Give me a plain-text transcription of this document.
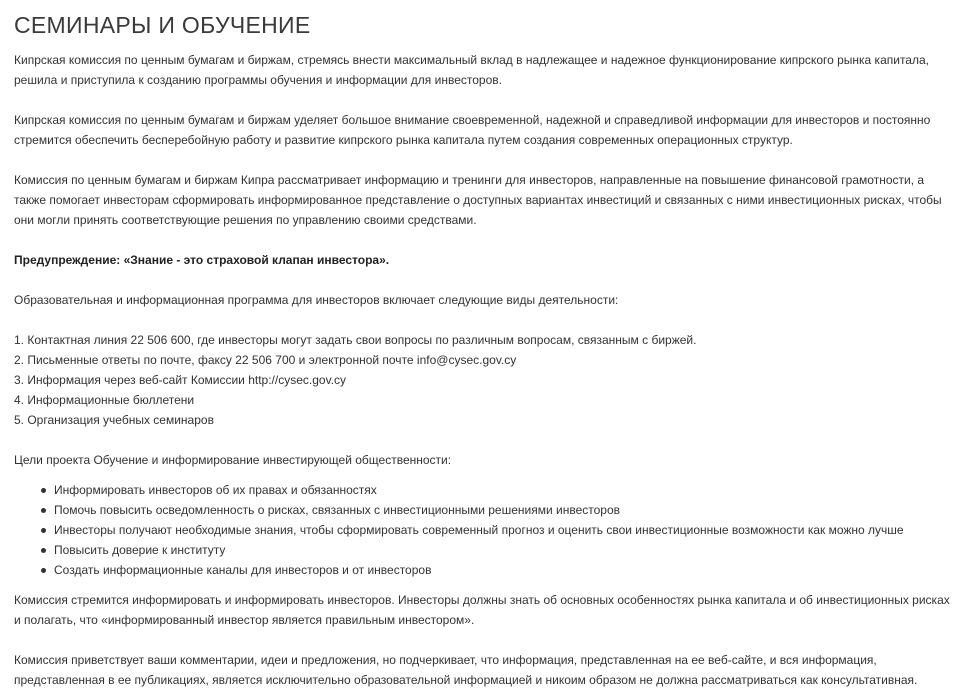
СЕМИНАРЫ И ОБУЧЕНИЕ

Кипрская комиссия по ценным бумагам и биржам, стремясь внести максимальный вклад в надлежащее и надежное функционирование кипрского рынка капитала, решила и приступила к созданию программы обучения и информации для инвесторов.

Кипрская комиссия по ценным бумагам и биржам уделяет большое внимание своевременной, надежной и справедливой информации для инвесторов и постоянно стремится обеспечить бесперебойную работу и развитие кипрского рынка капитала путем создания современных операционных структур.

Комиссия по ценным бумагам и биржам Кипра рассматривает информацию и тренинги для инвесторов, направленные на повышение финансовой грамотности, а также помогает инвесторам сформировать информированное представление о доступных вариантах инвестиций и связанных с ними инвестиционных рисках, чтобы они могли принять соответствующие решения по управлению своими средствами.

Предупреждение: «Знание - это страховой клапан инвестора».

Образовательная и информационная программа для инвесторов включает следующие виды деятельности:

1. Контактная линия 22 506 600, где инвесторы могут задать свои вопросы по различным вопросам, связанным с биржей.
2. Письменные ответы по почте, факсу 22 506 700 и электронной почте info@cysec.gov.cy
3. Информация через веб-сайт Комиссии http://cysec.gov.cy
4. Информационные бюллетени
5. Организация учебных семинаров

Цели проекта Обучение и информирование инвестирующей общественности:

Информировать инвесторов об их правах и обязанностях
Помочь повысить осведомленность о рисках, связанных с инвестиционными решениями инвесторов
Инвесторы получают необходимые знания, чтобы сформировать современный прогноз и оценить свои инвестиционные возможности как можно лучше
Повысить доверие к институту
Создать информационные каналы для инвесторов и от инвесторов

Комиссия стремится информировать и информировать инвесторов. Инвесторы должны знать об основных особенностях рынка капитала и об инвестиционных рисках и полагать, что «информированный инвестор является правильным инвестором».

Комиссия приветствует ваши комментарии, идеи и предложения, но подчеркивает, что информация, представленная на ее веб-сайте, и вся информация, представленная в ее публикациях, является исключительно образовательной информацией и никоим образом не должна рассматриваться как консультативная.
